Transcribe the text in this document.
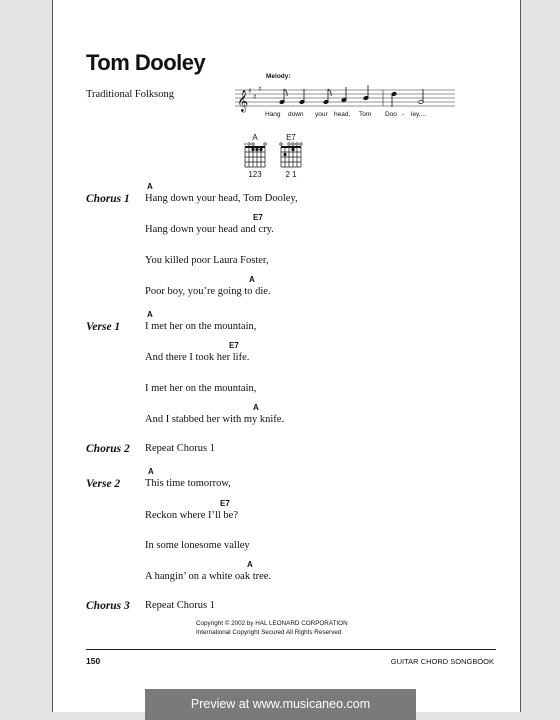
Tom Dooley
Traditional Folksong
Melody:
𝄞 ♯
♯
♯
Hang down your head, Tom Doo - ley,...
A
×
123
E7
2 1
Chorus 1
A
Hang down your head, Tom Dooley,
E7
Hang down your head and cry.
You killed poor Laura Foster,
A
Poor boy, you’re going to die.
Verse 1
A
I met her on the mountain,
E7
And there I took her life.
I met her on the mountain,
A
And I stabbed her with my knife.
Chorus 2 Repeat Chorus 1
Verse 2
A
This time tomorrow,
E7
Reckon where I’ll be?
In some lonesome valley
A
A hangin’ on a white oak tree.
Chorus 3 Repeat Chorus 1
Copyright © 2002 by HAL LEONARD CORPORATION
International Copyright Secured All Rights Reserved
150	GUITAR CHORD SONGBOOK
Preview at www.musicaneo.com
